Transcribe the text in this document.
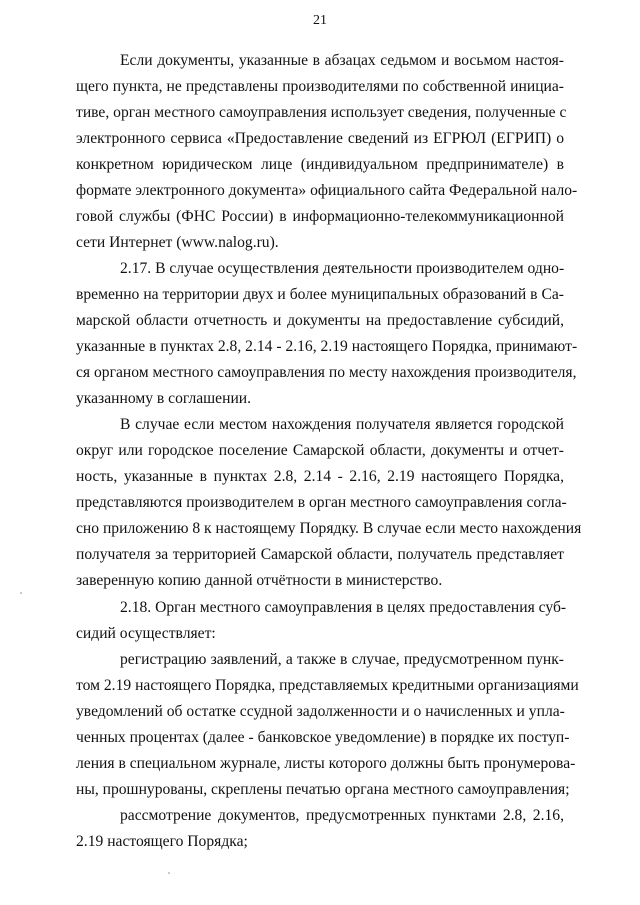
21
Если документы, указанные в абзацах седьмом и восьмом настоя-
щего пункта, не представлены производителями по собственной инициа-
тиве, орган местного самоуправления использует сведения, полученные с
электронного сервиса «Предоставление сведений из ЕГРЮЛ (ЕГРИП) о
конкретном юридическом лице (индивидуальном предпринимателе) в
формате электронного документа» официального сайта Федеральной нало-
говой службы (ФНС России) в информационно-телекоммуникационной
сети Интернет (www.nalog.ru).
2.17. В случае осуществления деятельности производителем одно-
временно на территории двух и более муниципальных образований в Са-
марской области отчетность и документы на предоставление субсидий,
указанные в пунктах 2.8, 2.14 - 2.16, 2.19 настоящего Порядка, принимают-
ся органом местного самоуправления по месту нахождения производителя,
указанному в соглашении.
В случае если местом нахождения получателя является городской
округ или городское поселение Самарской области, документы и отчет-
ность, указанные в пунктах 2.8, 2.14 - 2.16, 2.19 настоящего Порядка,
представляются производителем в орган местного самоуправления согла-
сно приложению 8 к настоящему Порядку. В случае если место нахождения
получателя за территорией Самарской области, получатель представляет
заверенную копию данной отчётности в министерство.
2.18. Орган местного самоуправления в целях предоставления суб-
сидий осуществляет:
регистрацию заявлений, а также в случае, предусмотренном пунк-
том 2.19 настоящего Порядка, представляемых кредитными организациями
уведомлений об остатке ссудной задолженности и о начисленных и упла-
ченных процентах (далее - банковское уведомление) в порядке их поступ-
ления в специальном журнале, листы которого должны быть пронумерова-
ны, прошнурованы, скреплены печатью органа местного самоуправления;
рассмотрение документов, предусмотренных пунктами 2.8, 2.16,
2.19 настоящего Порядка;
